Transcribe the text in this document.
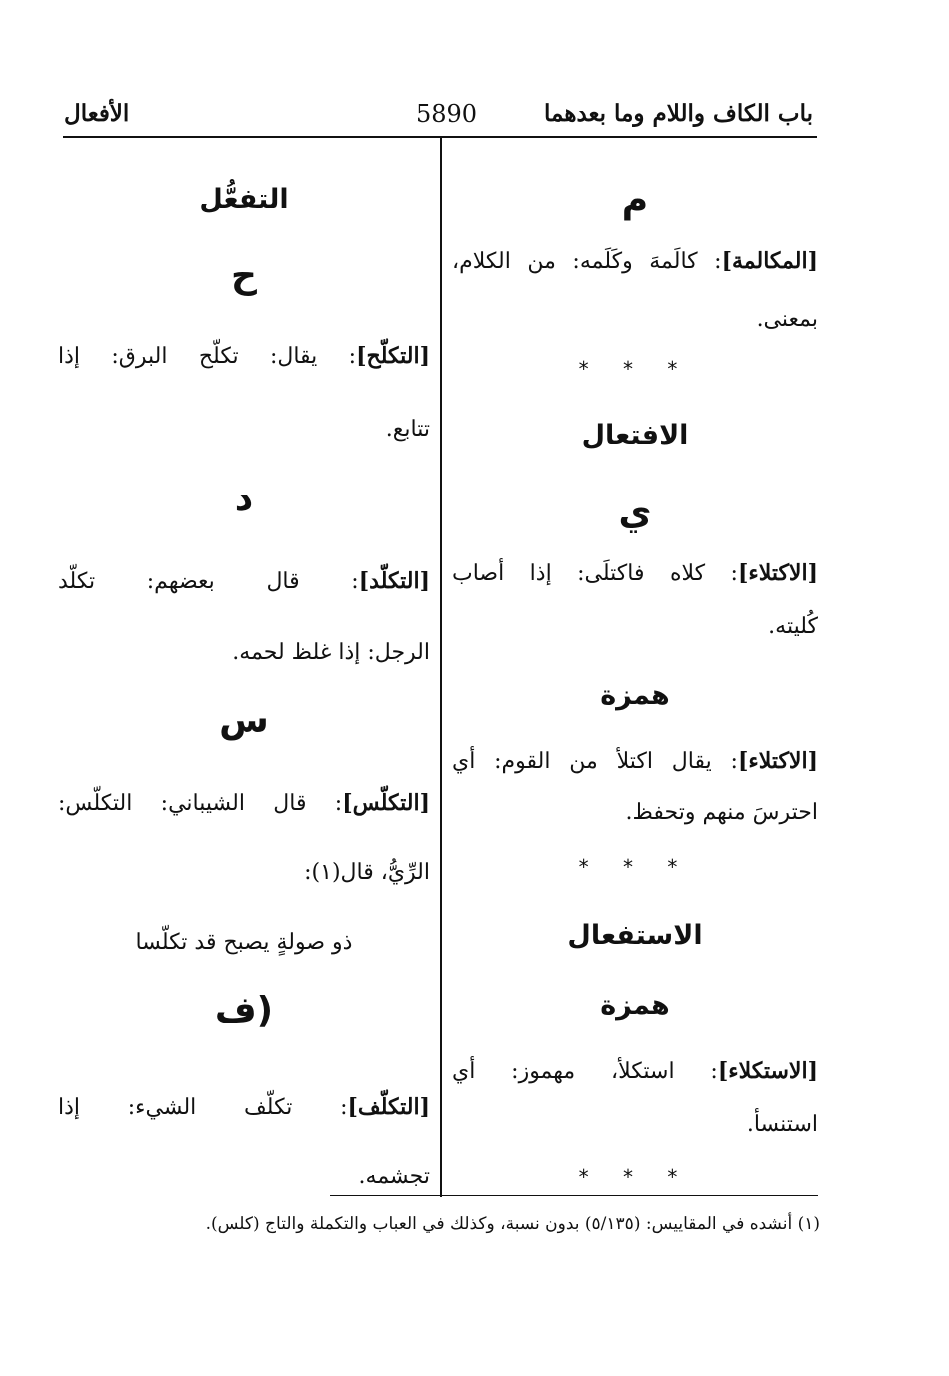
باب الكاف واللام وما بعدهما
5890
الأفعال
م
[المكالمة]: كالَمهَ وكَلَمه: من الكلام،
بمعنى.
* * *
الافتعال
ي
[الاكتلاء]: كلاه فاكتلَى: إذا أصاب
كُليته.
همزة
[الاكتلاء]: يقال اكتلأ من القوم: أي
احترسَ منهم وتحفظ.
* * *
الاستفعال
همزة
[الاستكلاء]: استكلأ، مهموز: أي
استنسأ.
* * *
التفعُّل
ح
[التكلّح]: يقال: تكلّح البرق: إذا
تتابع.
د
[التكلّد]: قال بعضهم: تكلّد
الرجل: إذا غلظ لحمه.
س
[التكلّس]: قال الشيباني: التكلّس:
الرِّيُّ، قال(١):
ذو صولةٍ يصبح قد تكلّسا
(ف
[التكلّف]: تكلّف الشيء: إذا
تجشمه.
(١) أنشده في المقاييس: (٥/١٣٥) بدون نسبة، وكذلك في العباب والتكملة والتاج (كلس).
